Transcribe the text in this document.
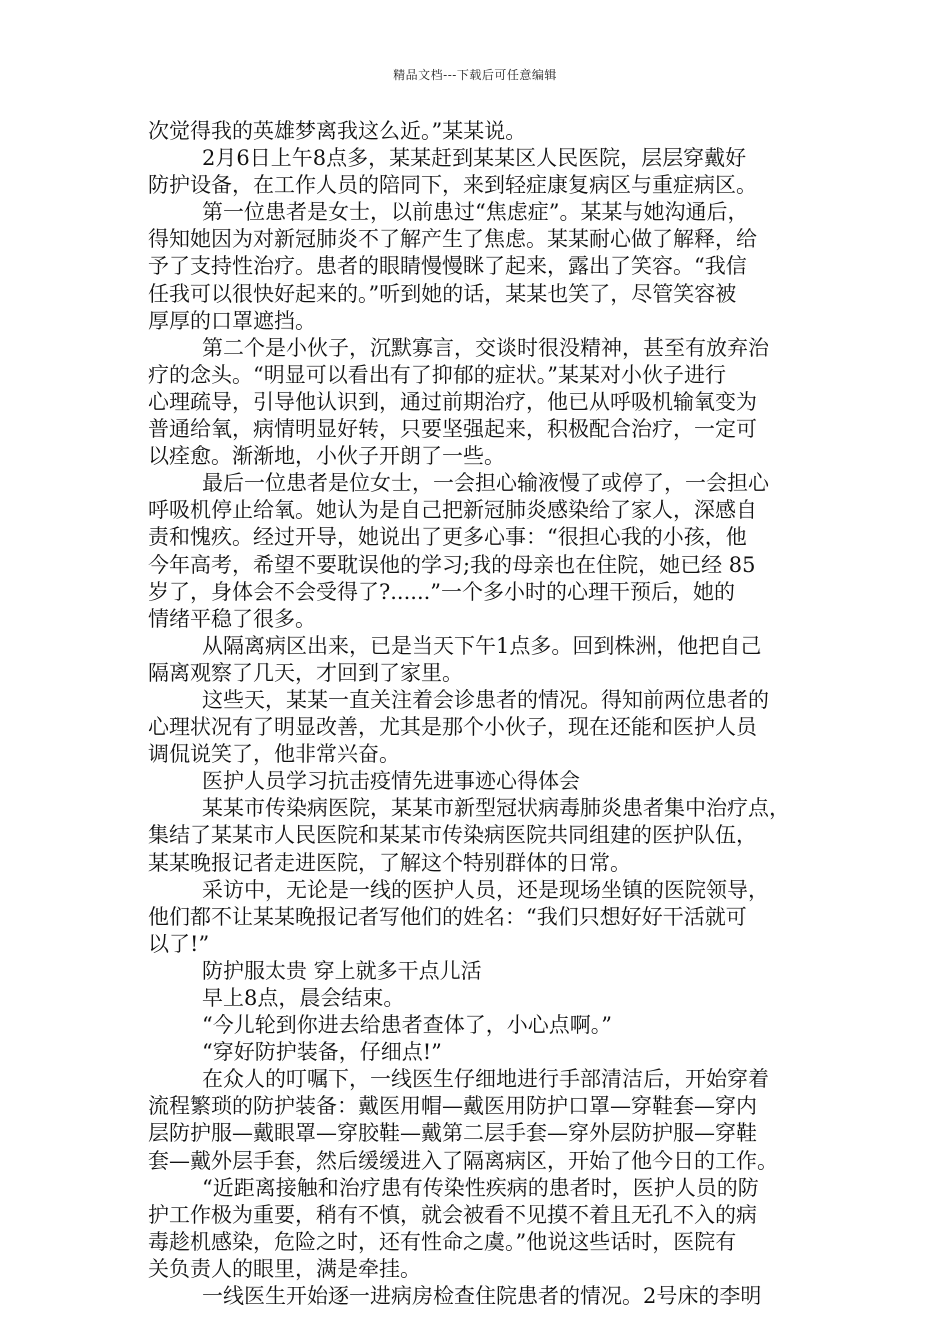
精品文档---下载后可任意编辑
次觉得我的英雄梦离我这么近。”某某说。
2月6日上午8点多，某某赶到某某区人民医院，层层穿戴好
防护设备，在工作人员的陪同下，来到轻症康复病区与重症病区。
第一位患者是女士，以前患过“焦虑症”。某某与她沟通后，
得知她因为对新冠肺炎不了解产生了焦虑。某某耐心做了解释，给
予了支持性治疗。患者的眼睛慢慢眯了起来，露出了笑容。“我信
任我可以很快好起来的。”听到她的话，某某也笑了，尽管笑容被
厚厚的口罩遮挡。
第二个是小伙子，沉默寡言，交谈时很没精神，甚至有放弃治
疗的念头。“明显可以看出有了抑郁的症状。”某某对小伙子进行
心理疏导，引导他认识到，通过前期治疗，他已从呼吸机输氧变为
普通给氧，病情明显好转，只要坚强起来，积极配合治疗，一定可
以痊愈。渐渐地，小伙子开朗了一些。
最后一位患者是位女士，一会担心输液慢了或停了，一会担心
呼吸机停止给氧。她认为是自己把新冠肺炎感染给了家人，深感自
责和愧疚。经过开导，她说出了更多心事：“很担心我的小孩，他
今年高考，希望不要耽误他的学习;我的母亲也在住院，她已经 85
岁了，身体会不会受得了?......”一个多小时的心理干预后，她的
情绪平稳了很多。
从隔离病区出来，已是当天下午1点多。回到株洲，他把自己
隔离观察了几天，才回到了家里。
这些天，某某一直关注着会诊患者的情况。得知前两位患者的
心理状况有了明显改善，尤其是那个小伙子，现在还能和医护人员
调侃说笑了，他非常兴奋。
医护人员学习抗击疫情先进事迹心得体会
某某市传染病医院，某某市新型冠状病毒肺炎患者集中治疗点，
集结了某某市人民医院和某某市传染病医院共同组建的医护队伍，
某某晚报记者走进医院，了解这个特别群体的日常。
采访中，无论是一线的医护人员，还是现场坐镇的医院领导，
他们都不让某某晚报记者写他们的姓名：“我们只想好好干活就可
以了!”
防护服太贵 穿上就多干点儿活
早上8点，晨会结束。
“今儿轮到你进去给患者查体了，小心点啊。”
“穿好防护装备，仔细点!”
在众人的叮嘱下，一线医生仔细地进行手部清洁后，开始穿着
流程繁琐的防护装备：戴医用帽—戴医用防护口罩—穿鞋套—穿内
层防护服—戴眼罩—穿胶鞋—戴第二层手套—穿外层防护服—穿鞋
套—戴外层手套，然后缓缓进入了隔离病区，开始了他今日的工作。
“近距离接触和治疗患有传染性疾病的患者时，医护人员的防
护工作极为重要，稍有不慎，就会被看不见摸不着且无孔不入的病
毒趁机感染，危险之时，还有性命之虞。”他说这些话时，医院有
关负责人的眼里，满是牵挂。
一线医生开始逐一进病房检查住院患者的情况。2号床的李明
